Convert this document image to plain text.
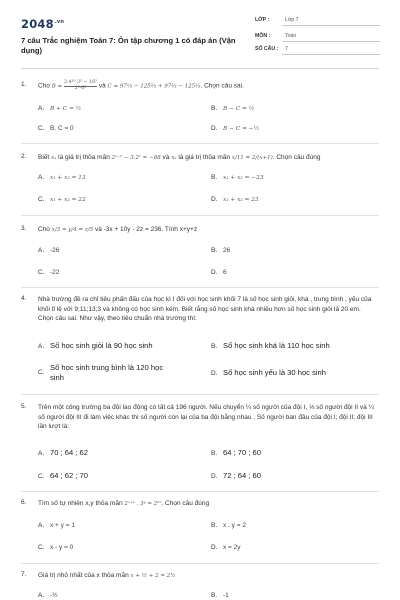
$2048^{.vn}$
7 câu Trắc nghiệm Toán 7: Ôn tập chương 1 có đáp án (Vận dụng)
LỚP :	Lớp 7
MÔN :	Toán
SỐ CÂU : 7
1.	Cho $B = \frac{\text{2.4¹⁰·3⁵ − 16⁵}}{\text{2⁵·6²}}$ và C = 97⅓ − 125⅔ + 97⅔ − 125⅓. Chọn câu sai.
A. B + C = ½	B. B − C = ½
C. B. C = 0	D. B − C = −½
2.	Biết x₁ là giá trị thỏa mãn 2ˣ⁻² − 3.2ˣ = −88 và x₂ là giá trị thỏa mãn x/11 = 2/(x+1). Chọn câu đúng
A. x₁ + x₂ = 13	B. x₁ + x₂ = −23
C. x₁ + x₂ = 22	D. x₁ + x₂ = 23
3.	Cho x/3 = y/4 = z/5 và -3x + 10y - 2z = 236. Tính x+y+z
A. -26	B. 26
C. -22	D. 6
4.	Nhà trường đề ra chỉ tiêu phấn đấu của học kì I đối với học sinh khối 7 là số học sinh giỏi, khá , trung bình , yếu của khối tỉ lệ với 9;11;13;3 và không có học sinh kém. Biết rằng số học sinh khá nhiều hơn số học sinh giỏi là 20 em. Chọn câu sai. Như vậy, theo tiêu chuẩn nhà trường thì:
A. Số học sinh giỏi là 90 học sinh	B. Số học sinh khá là 110 học sinh
C.
Số học sinh trung bình là 120 học sinh	D. Số học sinh yếu là 30 học sinh
5.	Trên một công trường ba đội lao động có tất cả 196 người. Nếu chuyển ¼ số người của đội I, ⅓ số người đội II và ¼ số người đội III đi làm việc khác thì số người còn lại của ba đội bằng nhau . Số người ban đầu của đội I; đội II; đội III lần lượt là:
A. 70 ; 64 ; 62	B. 64 ; 70 ; 60
C. 64 ; 62 ; 70	D. 72 ; 64 ; 60
6.	Tìm số tự nhiên x,y thỏa mãn 2ˣ⁺¹ . 3ʸ = 2⁰ˣ. Chọn câu đúng
A. x + y = 1	B. x . y = 2
C. x - y = 0	D. x = 2y
7.	Giá trị nhỏ nhất của x thỏa mãn x + ½ + 2 = 2½
A. -½	B. -1
